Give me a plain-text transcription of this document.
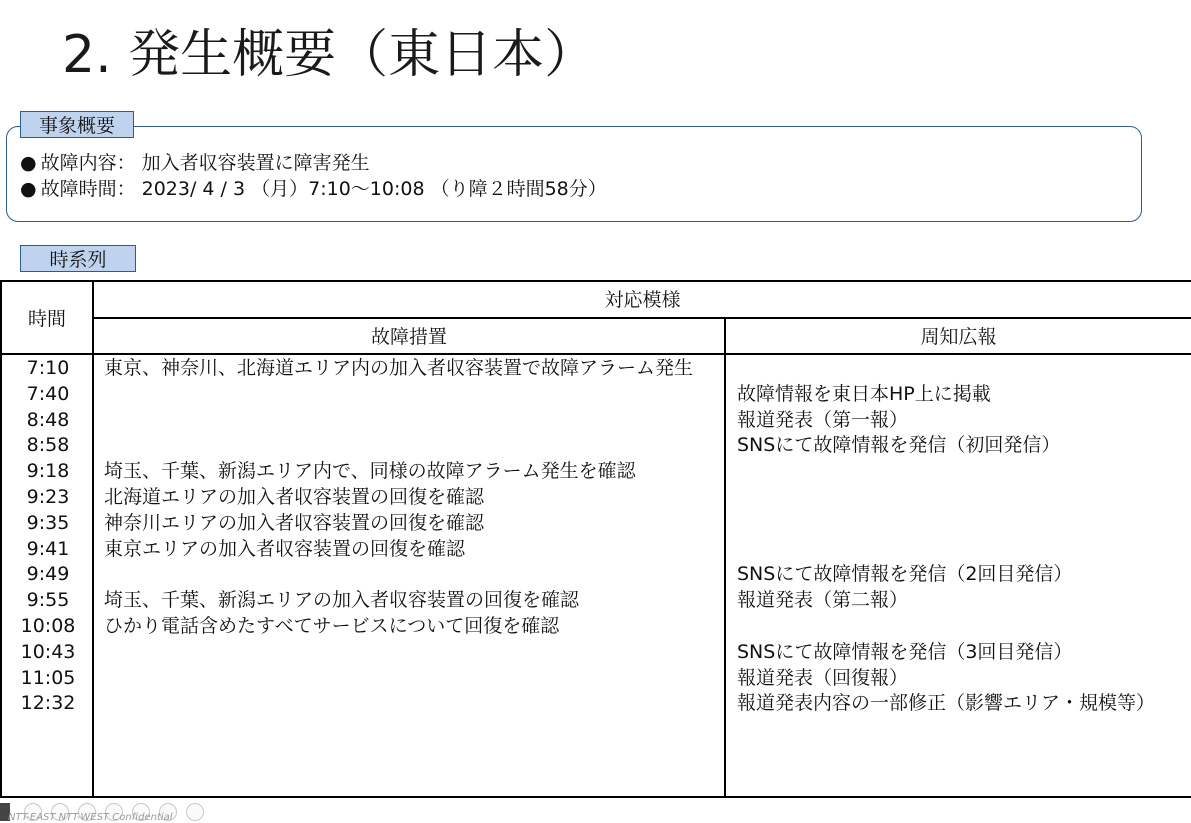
2. 発生概要（東日本）
事象概要
● 故障内容： 加入者収容装置に障害発生
● 故障時間： 2023/ 4 / 3 （月）7:10～10:08 （り障２時間58分）
時系列
時間
対応模様
故障措置	周知広報
7:10
7:40
8:48
8:58
9:18
9:23
9:35
9:41
9:49
9:55
10:08
10:43
11:05
12:32
東京、神奈川、北海道エリア内の加入者収容装置で故障アラーム発生
埼玉、千葉、新潟エリア内で、同様の故障アラーム発生を確認
北海道エリアの加入者収容装置の回復を確認
神奈川エリアの加入者収容装置の回復を確認
東京エリアの加入者収容装置の回復を確認
埼玉、千葉、新潟エリアの加入者収容装置の回復を確認
ひかり電話含めたすべてサービスについて回復を確認
故障情報を東日本HP上に掲載
報道発表（第一報）
SNSにて故障情報を発信（初回発信）
SNSにて故障情報を発信（2回目発信）
報道発表（第二報）
SNSにて故障情報を発信（3回目発信）
報道発表（回復報）
報道発表内容の一部修正（影響エリア・規模等）
NTT-EAST NTT-WEST Confidential
